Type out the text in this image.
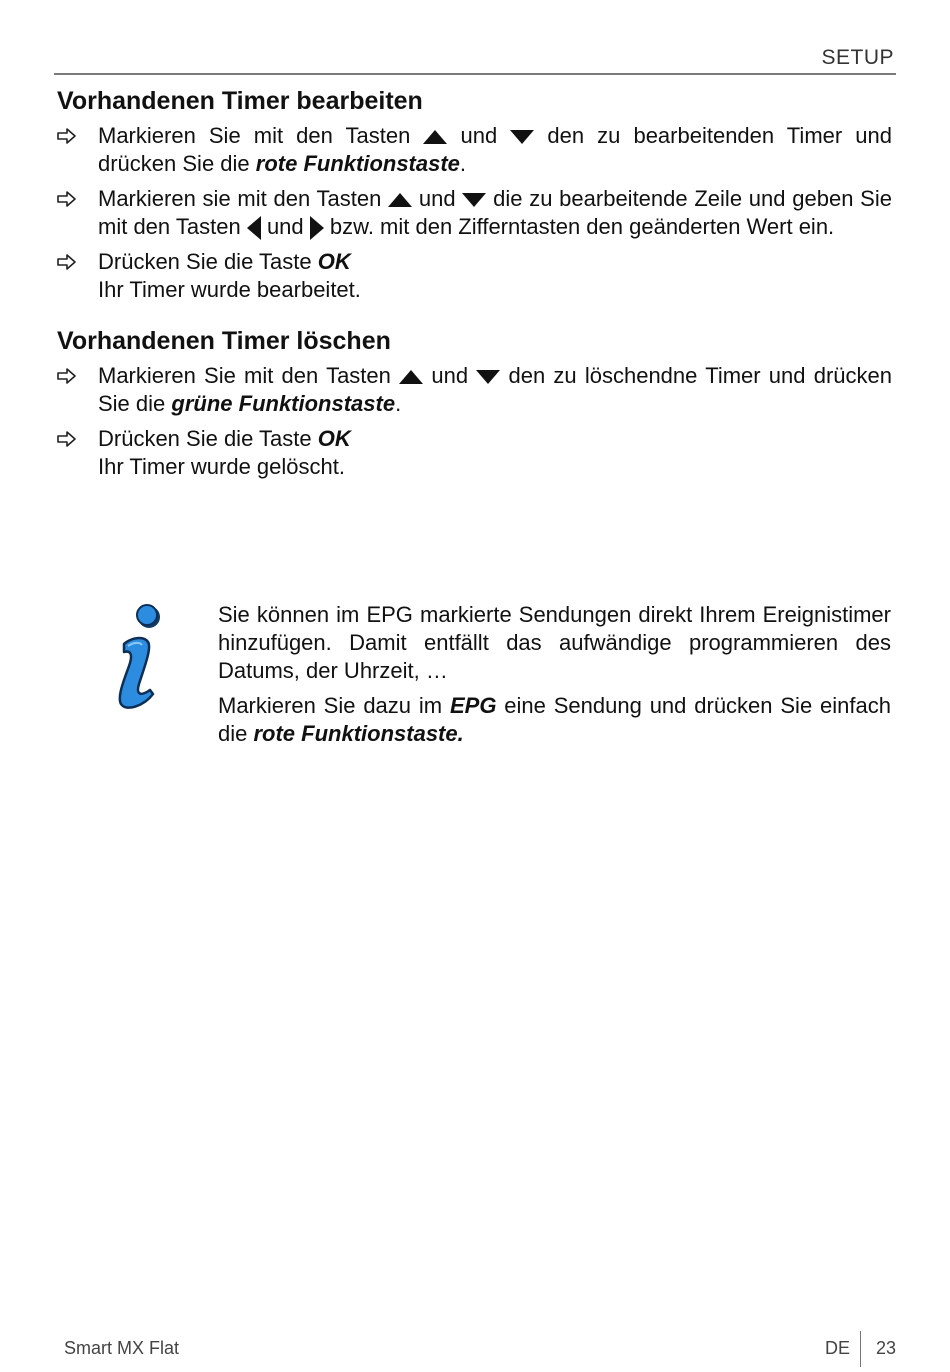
SETUP
Vorhandenen Timer bearbeiten
Markieren Sie mit den Tasten und den zu bearbeitenden Timer und drücken Sie die rote Funktionstaste.
Markieren sie mit den Tasten und die zu bearbeitende Zeile und geben Sie mit den Tasten und bzw. mit den Zifferntasten den geänderten Wert ein.
Drücken Sie die Taste OK
Ihr Timer wurde bearbeitet.
Vorhandenen Timer löschen
Markieren Sie mit den Tasten und den zu löschendne Timer und drücken Sie die grüne Funktionstaste.
Drücken Sie die Taste OK
Ihr Timer wurde gelöscht.

Sie können im EPG markierte Sendungen direkt Ihrem Ereignistimer hinzufügen. Damit entfällt das aufwändige programmieren des Datums, der Uhrzeit, …

Markieren Sie dazu im EPG eine Sendung und drücken Sie einfach die rote Funktionstaste.

Smart MX Flat	DE 23
